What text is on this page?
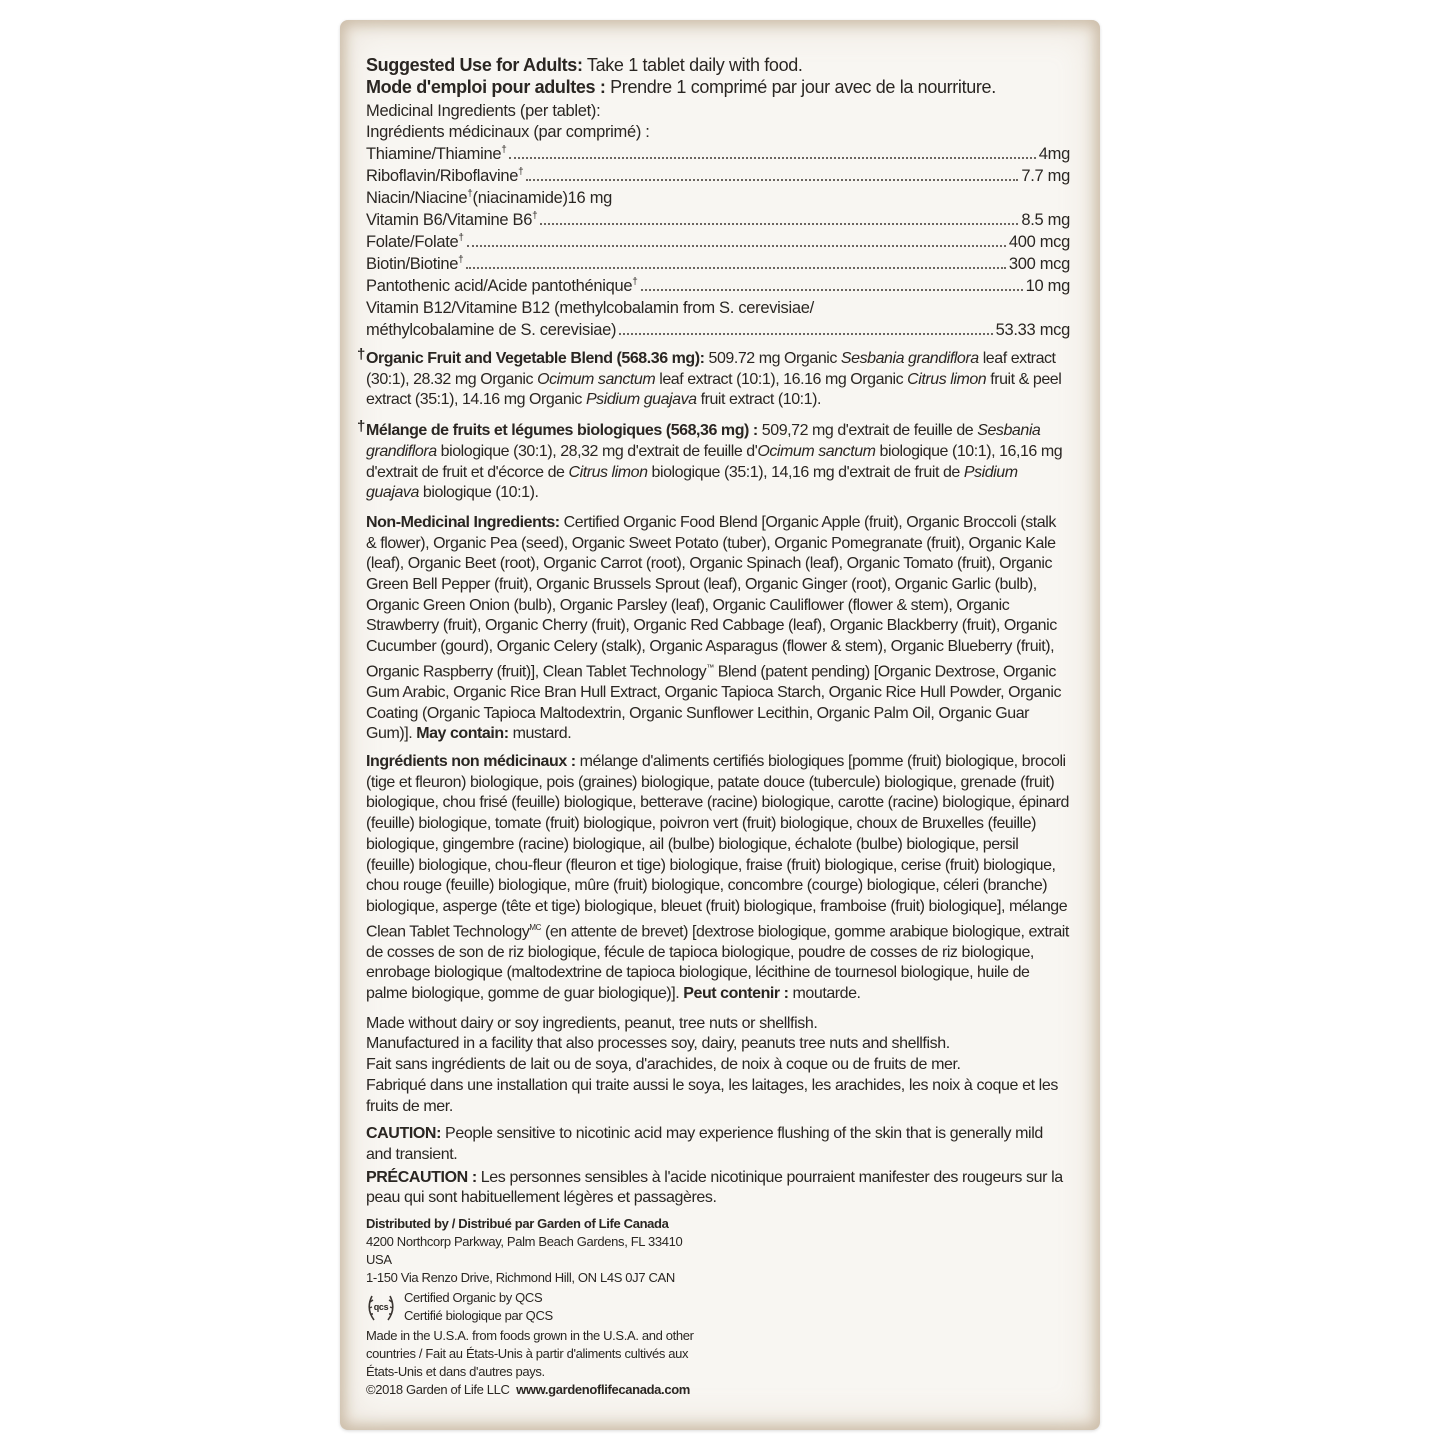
Suggested Use for Adults: Take 1 tablet daily with food.
Mode d'emploi pour adultes : Prendre 1 comprimé par jour avec de la nourriture.
Medicinal Ingredients (per tablet):
Ingrédients médicinaux (par comprimé) :
Thiamine/Thiamine†	4mg
Riboflavin/Riboflavine†	7.7 mg
Niacin/Niacine†(niacinamide)16 mg
Vitamin B6/Vitamine B6†	8.5 mg
Folate/Folate†	400 mcg
Biotin/Biotine†	300 mcg
Pantothenic acid/Acide pantothénique†	10 mg
Vitamin B12/Vitamine B12 (methylcobalamin from S. cerevisiae/
méthylcobalamine de S. cerevisiae)	53.33 mcg
† Organic Fruit and Vegetable Blend (568.36 mg): 509.72 mg Organic Sesbania grandiflora leaf extract (30:1), 28.32 mg Organic Ocimum sanctum leaf extract (10:1), 16.16 mg Organic Citrus limon fruit & peel extract (35:1), 14.16 mg Organic Psidium guajava fruit extract (10:1).
† Mélange de fruits et légumes biologiques (568,36 mg) : 509,72 mg d'extrait de feuille de Sesbania grandiflora biologique (30:1), 28,32 mg d'extrait de feuille d'Ocimum sanctum biologique (10:1), 16,16 mg d'extrait de fruit et d'écorce de Citrus limon biologique (35:1), 14,16 mg d'extrait de fruit de Psidium guajava biologique (10:1).
Non-Medicinal Ingredients: Certified Organic Food Blend [Organic Apple (fruit), Organic Broccoli (stalk & flower), Organic Pea (seed), Organic Sweet Potato (tuber), Organic Pomegranate (fruit), Organic Kale (leaf), Organic Beet (root), Organic Carrot (root), Organic Spinach (leaf), Organic Tomato (fruit), Organic Green Bell Pepper (fruit), Organic Brussels Sprout (leaf), Organic Ginger (root), Organic Garlic (bulb), Organic Green Onion (bulb), Organic Parsley (leaf), Organic Cauliflower (flower & stem), Organic Strawberry (fruit), Organic Cherry (fruit), Organic Red Cabbage (leaf), Organic Blackberry (fruit), Organic Cucumber (gourd), Organic Celery (stalk), Organic Asparagus (flower & stem), Organic Blueberry (fruit), Organic Raspberry (fruit)], Clean Tablet Technology™ Blend (patent pending) [Organic Dextrose, Organic Gum Arabic, Organic Rice Bran Hull Extract, Organic Tapioca Starch, Organic Rice Hull Powder, Organic Coating (Organic Tapioca Maltodextrin, Organic Sunflower Lecithin, Organic Palm Oil, Organic Guar Gum)]. May contain: mustard.
Ingrédients non médicinaux : mélange d'aliments certifiés biologiques [pomme (fruit) biologique, brocoli (tige et fleuron) biologique, pois (graines) biologique, patate douce (tubercule) biologique, grenade (fruit) biologique, chou frisé (feuille) biologique, betterave (racine) biologique, carotte (racine) biologique, épinard (feuille) biologique, tomate (fruit) biologique, poivron vert (fruit) biologique, choux de Bruxelles (feuille) biologique, gingembre (racine) biologique, ail (bulbe) biologique, échalote (bulbe) biologique, persil (feuille) biologique, chou-fleur (fleuron et tige) biologique, fraise (fruit) biologique, cerise (fruit) biologique, chou rouge (feuille) biologique, mûre (fruit) biologique, concombre (courge) biologique, céleri (branche) biologique, asperge (tête et tige) biologique, bleuet (fruit) biologique, framboise (fruit) biologique], mélange Clean Tablet Technology$^{MC}$ (en attente de brevet) [dextrose biologique, gomme arabique biologique, extrait de cosses de son de riz biologique, fécule de tapioca biologique, poudre de cosses de riz biologique, enrobage biologique (maltodextrine de tapioca biologique, lécithine de tournesol biologique, huile de palme biologique, gomme de guar biologique)]. Peut contenir : moutarde.
Made without dairy or soy ingredients, peanut, tree nuts or shellfish.
Manufactured in a facility that also processes soy, dairy, peanuts tree nuts and shellfish.
Fait sans ingrédients de lait ou de soya, d'arachides, de noix à coque ou de fruits de mer.
Fabriqué dans une installation qui traite aussi le soya, les laitages, les arachides, les noix à coque et les fruits de mer.
CAUTION: People sensitive to nicotinic acid may experience flushing of the skin that is generally mild and transient.
PRÉCAUTION : Les personnes sensibles à l'acide nicotinique pourraient manifester des rougeurs sur la peau qui sont habituellement légères et passagères.
Distributed by / Distribué par Garden of Life Canada
4200 Northcorp Parkway, Palm Beach Gardens, FL 33410 USA
1-150 Via Renzo Drive, Richmond Hill, ON L4S 0J7 CAN
qcs
Certified Organic by QCS
Certifié biologique par QCS
Made in the U.S.A. from foods grown in the U.S.A. and other countries / Fait au États-Unis à partir d'aliments cultivés aux États-Unis et dans d'autres pays.
©2018 Garden of Life LLC www.gardenoflifecanada.com
